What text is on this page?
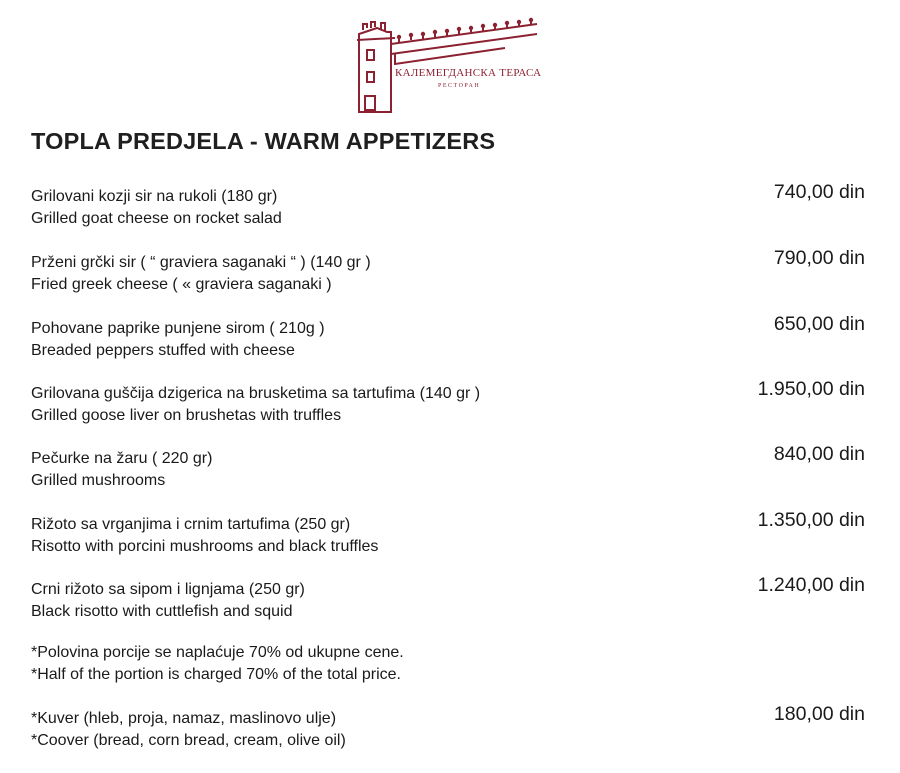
КАЛЕМЕГДАНСКА ТЕРАСА
РЕСТОРАН
TOPLA PREDJELA - WARM APPETIZERS
Grilovani kozji sir na rukoli (180 gr)
Grilled goat cheese on rocket salad
740,00 din
Prženi grčki sir ( “ graviera saganaki “ ) (140 gr )
Fried greek cheese ( « graviera saganaki )
790,00 din
Pohovane paprike punjene sirom ( 210g )
Breaded peppers stuffed with cheese
650,00 din
Grilovana guščija dzigerica na brusketima sa tartufima (140 gr )
Grilled goose liver on brushetas with truffles
1.950,00 din
Pečurke na žaru ( 220 gr)
Grilled mushrooms
840,00 din
Rižoto sa vrganjima i crnim tartufima (250 gr)
Risotto with porcini mushrooms and black truffles
1.350,00 din
Crni rižoto sa sipom i lignjama (250 gr)
Black risotto with cuttlefish and squid
1.240,00 din
*Polovina porcije se naplaćuje 70% od ukupne cene.
*Half of the portion is charged 70% of the total price.
*Kuver (hleb, proja, namaz, maslinovo ulje)
*Coover (bread, corn bread, cream, olive oil)
180,00 din
